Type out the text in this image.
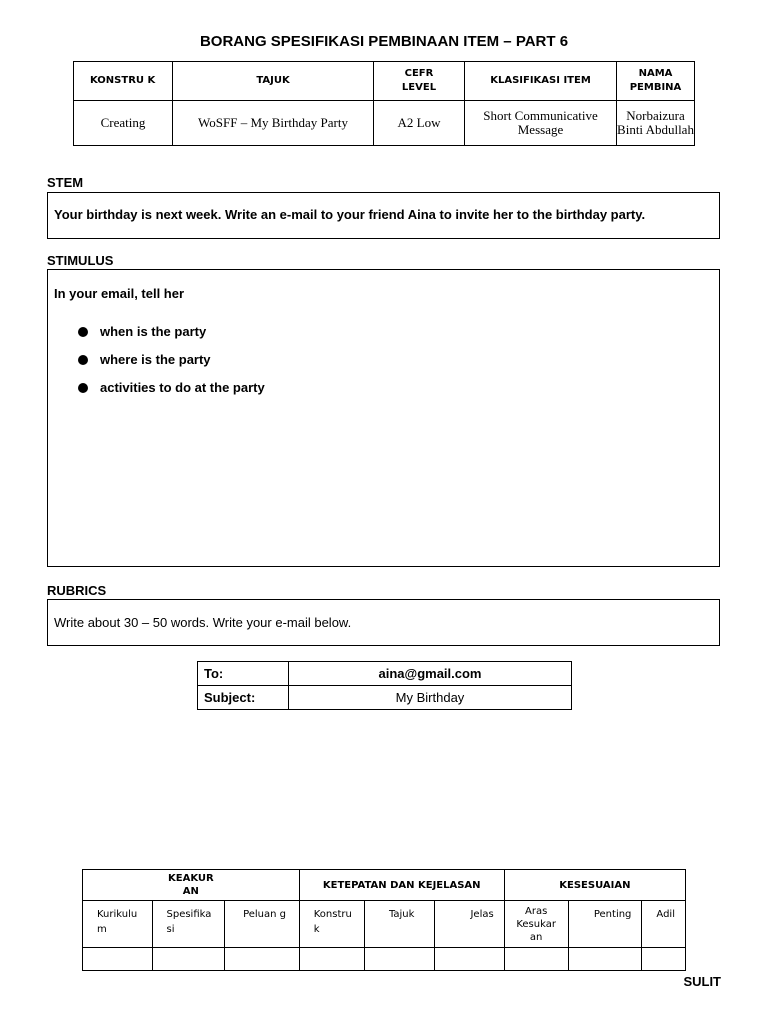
BORANG SPESIFIKASI PEMBINAAN ITEM – PART 6
KONSTRU K	TAJUK	CEFR LEVEL	KLASIFIKASI ITEM	NAMA PEMBINA
Creating	WoSFF – My Birthday Party	A2 Low	Short Communicative Message	Norbaizura Binti Abdullah
STEM
Your birthday is next week. Write an e-mail to your friend Aina to invite her to the birthday party.
STIMULUS
In your email, tell her
when is the party
where is the party
activities to do at the party
RUBRICS
Write about 30 – 50 words. Write your e-mail below.
To:	aina@gmail.com
Subject:	My Birthday
KEAKUR AN			KETEPATAN DAN KEJELASAN			KESESUAIAN		
Kurikulu m	Spesifika si	Peluan g	Konstru k	Tajuk	Jelas	Aras Kesukar an	Penting	Adil

SULIT
